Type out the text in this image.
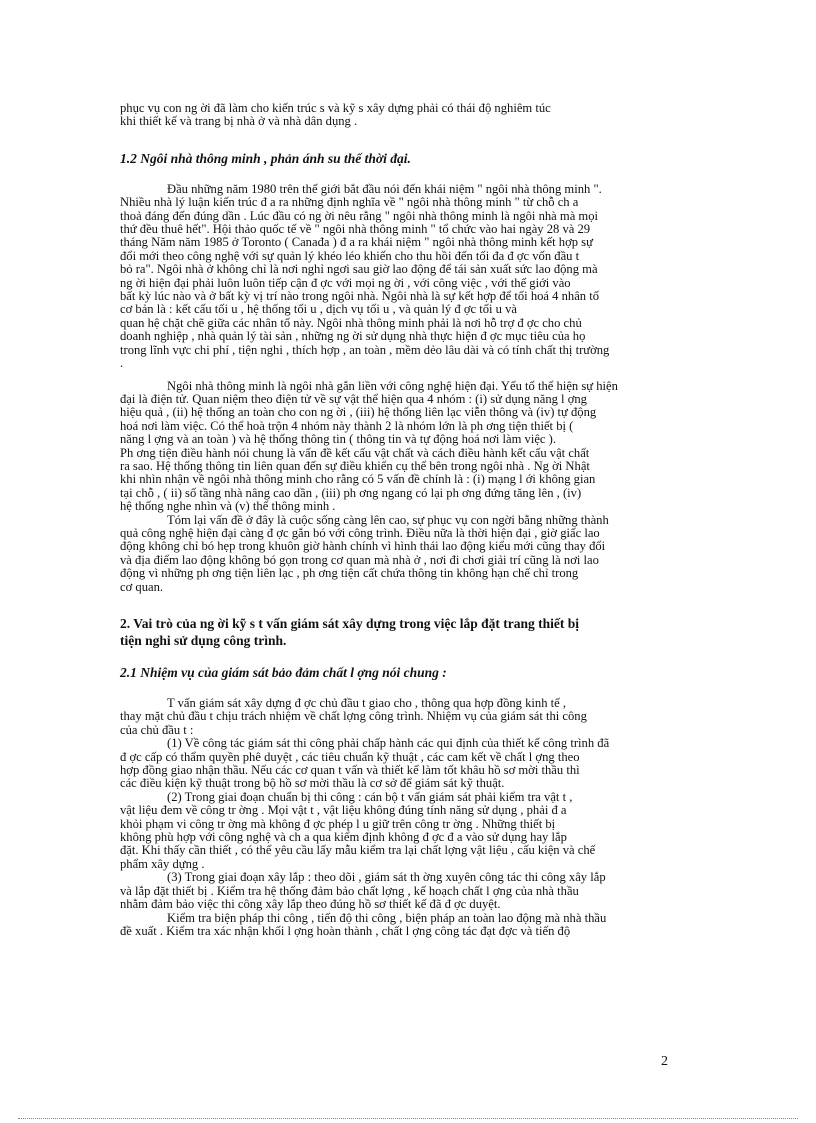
phục vụ con ng ời đã làm cho kiến trúc s và kỹ s xây dựng phải có thái độ nghiêm túc
khi thiết kế và trang bị nhà ở và nhà dân dụng .

1.2 Ngôi nhà thông minh , phản ánh su thế thời đại.

Đầu những năm 1980 trên thế giới bắt đầu nói đến khái niệm " ngôi nhà thông minh ".
Nhiều nhà lý luận kiến trúc đ a ra những định nghĩa về " ngôi nhà thông minh " từ chỗ ch a
thoả đáng đến đúng dần . Lúc đầu có ng ời nêu rằng " ngôi nhà thông minh là ngôi nhà mà mọi
thứ đều thuê hết". Hội thảo quốc tế về " ngôi nhà thông minh " tổ chức vào hai ngày 28 và 29
tháng Năm năm 1985 ở Toronto ( Canađa ) đ a ra khái niệm " ngôi nhà thông minh kết hợp sự
đổi mới theo công nghệ với sự quản lý khéo léo khiến cho thu hồi đến tối đa đ ợc vốn đầu t
bỏ ra". Ngôi nhà ở không chỉ là nơi nghỉ ngơi sau giờ lao động để tái sản xuất sức lao động mà
ng ời hiện đại phải luôn luôn tiếp cận đ ợc với mọi ng ời , với công việc , với thế giới vào
bất kỳ lúc nào và ở bất kỳ vị trí nào trong ngôi nhà. Ngôi nhà là sự kết hợp để tối hoá 4 nhân tố
cơ bản là : kết cấu tối u , hệ thống tối u , dịch vụ tối u , và quản lý đ ợc tối u và
quan hệ chặt chẽ giữa các nhân tố này. Ngôi nhà thông minh phải là nơi hỗ trợ đ ợc cho chủ
doanh nghiệp , nhà quản lý tài sản , những ng ời sử dụng nhà thực hiện đ ợc mục tiêu của họ
trong lĩnh vực chi phí , tiện nghi , thích hợp , an toàn , mềm dẻo lâu dài và có tính chất thị trường
.

Ngôi nhà thông minh là ngôi nhà gắn liền với công nghệ hiện đại. Yếu tố thể hiện sự hiện
đại là điện tử. Quan niệm theo điện tử về sự vật thể hiện qua 4 nhóm : (i) sử dụng năng l ợng
hiệu quả , (ii) hệ thống an toàn cho con ng ời , (iii) hệ thống liên lạc viễn thông và (iv) tự động
hoá nơi làm việc. Có thể hoà trộn 4 nhóm này thành 2 là nhóm lớn là ph ơng tiện thiết bị (
năng l ợng và an toàn ) và hệ thống thông tin ( thông tin và tự động hoá nơi làm việc ).
Ph ơng tiện điều hành nói chung là vấn đề kết cấu vật chất và cách điều hành kết cấu vật chất
ra sao. Hệ thống thông tin liên quan đến sự điều khiển cụ thể bên trong ngôi nhà . Ng ời Nhật
khi nhìn nhận về ngôi nhà thông minh cho rằng có 5 vấn đề chính là : (i) mạng l ới không gian
tại chỗ , ( ii) số tầng nhà nâng cao dần , (iii) ph ơng ngang có lại ph ơng đứng tăng lên , (iv)
hệ thống nghe nhìn và (v) thể thông minh .

Tóm lại vấn đề ở đây là cuộc sống càng lên cao, sự phục vụ con ngời bằng những thành
quả công nghệ hiện đại càng đ ợc gắn bó với công trình. Điều nữa là thời hiện đại , giờ giấc lao
động không chỉ bó hẹp trong khuôn giờ hành chính vì hình thái lao động kiểu mới cũng thay đổi
và địa điểm lao động không bó gọn trong cơ quan mà nhà ở , nơi đi chơi giải trí cũng là nơi lao
động vì những ph ơng tiện liên lạc , ph ơng tiện cất chứa thông tin không hạn chế chỉ trong
cơ quan.

2. Vai trò của ng ời kỹ s t vấn giám sát xây dựng trong việc lắp đặt trang thiết bị
tiện nghi sử dụng công trình.

2.1 Nhiệm vụ của giám sát bảo đảm chất l ợng nói chung :

T vấn giám sát xây dựng đ ợc chủ đầu t giao cho , thông qua hợp đồng kinh tế ,
thay mặt chủ đầu t chịu trách nhiệm về chất lợng công trình. Nhiệm vụ của giám sát thi công
của chủ đầu t :

(1) Về công tác giám sát thi công phải chấp hành các qui định của thiết kế công trình đã
đ ợc cấp có thẩm quyền phê duyệt , các tiêu chuẩn kỹ thuật , các cam kết về chất l ợng theo
hợp đồng giao nhận thầu. Nếu các cơ quan t vấn và thiết kế làm tốt khâu hồ sơ mời thầu thì
các điều kiện kỹ thuật trong bộ hồ sơ mời thầu là cơ sở để giám sát kỹ thuật.

(2) Trong giai đoạn chuẩn bị thi công : cán bộ t vấn giám sát phải kiểm tra vật t ,
vật liệu đem về công tr ờng . Mọi vật t , vật liệu không đúng tính năng sử dụng , phải đ a
khỏi phạm vi công tr ờng mà không đ ợc phép l u giữ trên công tr ờng . Những thiết bị
không phù hợp với công nghệ và ch a qua kiểm định không đ ợc đ a vào sử dụng hay lắp
đặt. Khi thấy cần thiết , có thể yêu cầu lấy mẫu kiểm tra lại chất lợng vật liệu , cấu kiện và chế
phẩm xây dựng .

(3) Trong giai đoạn xây lắp : theo dõi , giám sát th ờng xuyên công tác thi công xây lắp
và lắp đặt thiết bị . Kiểm tra hệ thống đảm bảo chất lợng , kế hoạch chất l ợng của nhà thầu
nhằm đảm bảo việc thi công xây lắp theo đúng hồ sơ thiết kế đã đ ợc duyệt.

Kiểm tra biện pháp thi công , tiến độ thi công , biện pháp an toàn lao động mà nhà thầu
đề xuất . Kiểm tra xác nhận khối l ợng hoàn thành , chất l ợng công tác đạt đợc và tiến độ

2
